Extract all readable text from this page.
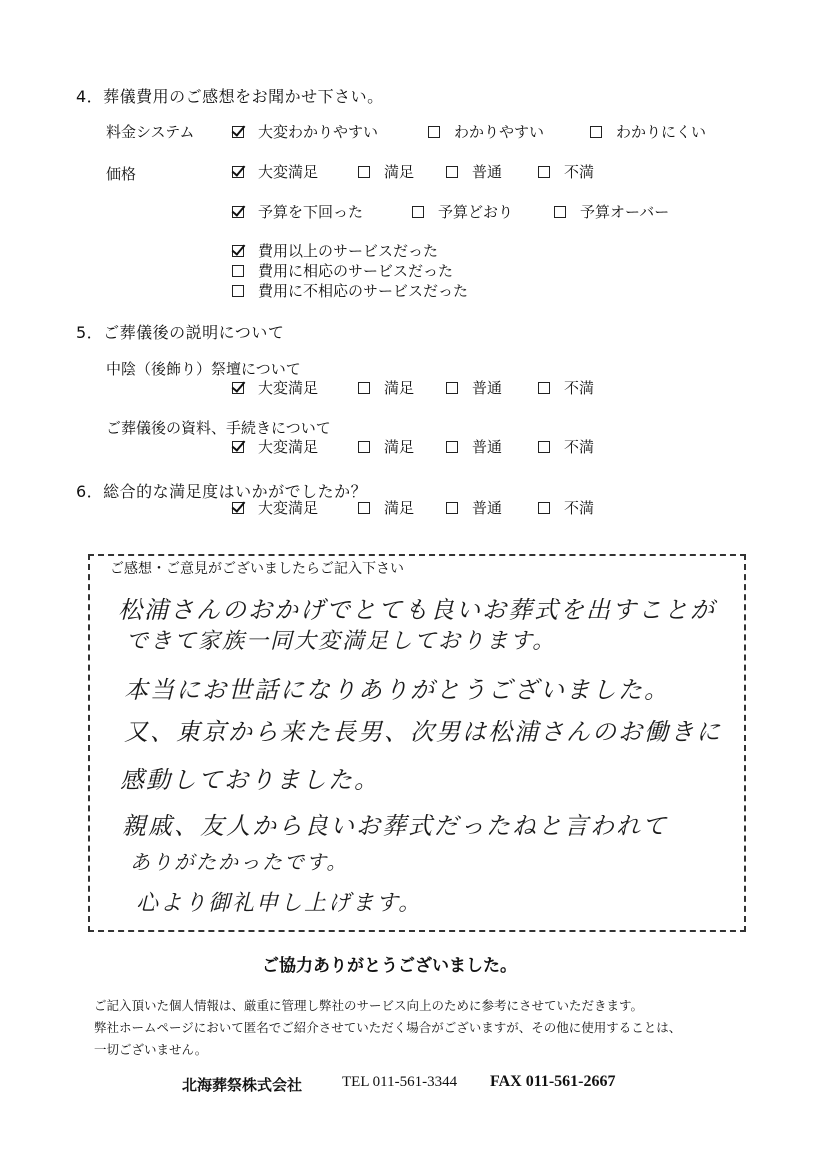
4．葬儀費用のご感想をお聞かせ下さい。
料金システム	大変わかりやすい	わかりやすい	わかりにくい
価格	大変満足	満足	普通	不満
予算を下回った	予算どおり	予算オーバー
費用以上のサービスだった
費用に相応のサービスだった
費用に不相応のサービスだった
5．ご葬儀後の説明について
中陰（後飾り）祭壇について
大変満足	満足	普通	不満
ご葬儀後の資料、手続きについて
大変満足	満足	普通	不満
6．総合的な満足度はいかがでしたか？
大変満足	満足	普通	不満
ご感想・ご意見がございましたらご記入下さい
松浦さんのおかげでとても良いお葬式を出すことが
できて家族一同大変満足しております。
本当にお世話になりありがとうございました。
又、東京から来た長男、次男は松浦さんのお働きに
感動しておりました。
親戚、友人から良いお葬式だったねと言われて
ありがたかったです。
心より御礼申し上げます。
ご協力ありがとうございました。
ご記入頂いた個人情報は、厳重に管理し弊社のサービス向上のために参考にさせていただきます。
弊社ホームページにおいて匿名でご紹介させていただく場合がございますが、その他に使用することは、
一切ございません。
北海葬祭株式会社	TEL 011-561-3344 FAX 011-561-2667
